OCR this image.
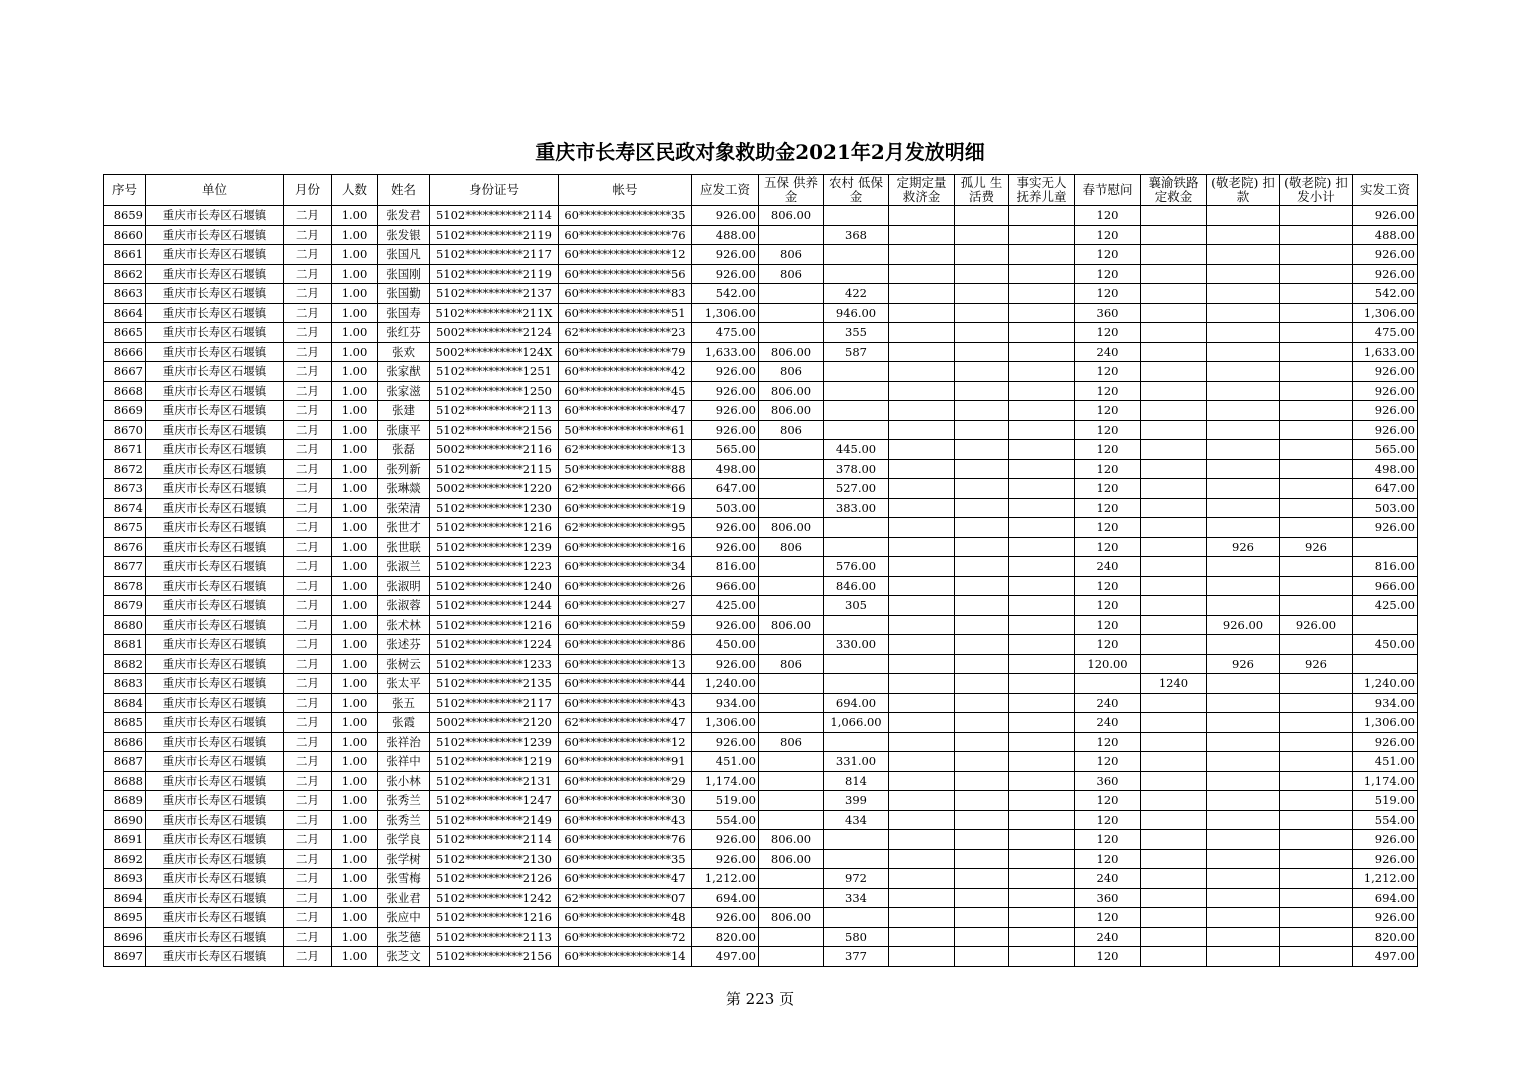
重庆市长寿区民政对象救助金2021年2月发放明细
序号	单位	月份	人数	姓名	身份证号	帐号	应发工资	五保 供养金	农村 低保金	定期定量 救济金	孤儿 生活费	事实无人 抚养儿童	春节慰问	襄渝铁路 定救金	(敬老院) 扣款	(敬老院) 扣发小计	实发工资
8659	重庆市长寿区石堰镇	二月	1.00	张发君	5102**********2114	60****************35	926.00	806.00					120				926.00
8660	重庆市长寿区石堰镇	二月	1.00	张发银	5102**********2119	60****************76	488.00		368				120				488.00
8661	重庆市长寿区石堰镇	二月	1.00	张国凡	5102**********2117	60****************12	926.00	806					120				926.00
8662	重庆市长寿区石堰镇	二月	1.00	张国刚	5102**********2119	60****************56	926.00	806					120				926.00
8663	重庆市长寿区石堰镇	二月	1.00	张国勤	5102**********2137	60****************83	542.00		422				120				542.00
8664	重庆市长寿区石堰镇	二月	1.00	张国寿	5102**********211X	60****************51	1,306.00		946.00				360				1,306.00
8665	重庆市长寿区石堰镇	二月	1.00	张红芬	5002**********2124	62****************23	475.00		355				120				475.00
8666	重庆市长寿区石堰镇	二月	1.00	张欢	5002**********124X	60****************79	1,633.00	806.00	587				240				1,633.00
8667	重庆市长寿区石堰镇	二月	1.00	张家猷	5102**********1251	60****************42	926.00	806					120				926.00
8668	重庆市长寿区石堰镇	二月	1.00	张家滋	5102**********1250	60****************45	926.00	806.00					120				926.00
8669	重庆市长寿区石堰镇	二月	1.00	张建	5102**********2113	60****************47	926.00	806.00					120				926.00
8670	重庆市长寿区石堰镇	二月	1.00	张康平	5102**********2156	50****************61	926.00	806					120				926.00
8671	重庆市长寿区石堰镇	二月	1.00	张磊	5002**********2116	62****************13	565.00		445.00				120				565.00
8672	重庆市长寿区石堰镇	二月	1.00	张列新	5102**********2115	50****************88	498.00		378.00				120				498.00
8673	重庆市长寿区石堰镇	二月	1.00	张琳燚	5002**********1220	62****************66	647.00		527.00				120				647.00
8674	重庆市长寿区石堰镇	二月	1.00	张荣清	5102**********1230	60****************19	503.00		383.00				120				503.00
8675	重庆市长寿区石堰镇	二月	1.00	张世才	5102**********1216	62****************95	926.00	806.00					120				926.00
8676	重庆市长寿区石堰镇	二月	1.00	张世联	5102**********1239	60****************16	926.00	806					120		926	926	
8677	重庆市长寿区石堰镇	二月	1.00	张淑兰	5102**********1223	60****************34	816.00		576.00				240				816.00
8678	重庆市长寿区石堰镇	二月	1.00	张淑明	5102**********1240	60****************26	966.00		846.00				120				966.00
8679	重庆市长寿区石堰镇	二月	1.00	张淑蓉	5102**********1244	60****************27	425.00		305				120				425.00
8680	重庆市长寿区石堰镇	二月	1.00	张术林	5102**********1216	60****************59	926.00	806.00					120		926.00	926.00	
8681	重庆市长寿区石堰镇	二月	1.00	张述芬	5102**********1224	60****************86	450.00		330.00				120				450.00
8682	重庆市长寿区石堰镇	二月	1.00	张树云	5102**********1233	60****************13	926.00	806					120.00		926	926	
8683	重庆市长寿区石堰镇	二月	1.00	张太平	5102**********2135	60****************44	1,240.00							1240			1,240.00
8684	重庆市长寿区石堰镇	二月	1.00	张五	5102**********2117	60****************43	934.00		694.00				240				934.00
8685	重庆市长寿区石堰镇	二月	1.00	张霞	5002**********2120	62****************47	1,306.00		1,066.00				240				1,306.00
8686	重庆市长寿区石堰镇	二月	1.00	张祥治	5102**********1239	60****************12	926.00	806					120				926.00
8687	重庆市长寿区石堰镇	二月	1.00	张祥中	5102**********1219	60****************91	451.00		331.00				120				451.00
8688	重庆市长寿区石堰镇	二月	1.00	张小林	5102**********2131	60****************29	1,174.00		814				360				1,174.00
8689	重庆市长寿区石堰镇	二月	1.00	张秀兰	5102**********1247	60****************30	519.00		399				120				519.00
8690	重庆市长寿区石堰镇	二月	1.00	张秀兰	5102**********2149	60****************43	554.00		434				120				554.00
8691	重庆市长寿区石堰镇	二月	1.00	张学良	5102**********2114	60****************76	926.00	806.00					120				926.00
8692	重庆市长寿区石堰镇	二月	1.00	张学树	5102**********2130	60****************35	926.00	806.00					120				926.00
8693	重庆市长寿区石堰镇	二月	1.00	张雪梅	5102**********2126	60****************47	1,212.00		972				240				1,212.00
8694	重庆市长寿区石堰镇	二月	1.00	张业君	5102**********1242	62****************07	694.00		334				360				694.00
8695	重庆市长寿区石堰镇	二月	1.00	张应中	5102**********1216	60****************48	926.00	806.00					120				926.00
8696	重庆市长寿区石堰镇	二月	1.00	张芝德	5102**********2113	60****************72	820.00		580				240				820.00
8697	重庆市长寿区石堰镇	二月	1.00	张芝文	5102**********2156	60****************14	497.00		377				120				497.00
第 223 页
